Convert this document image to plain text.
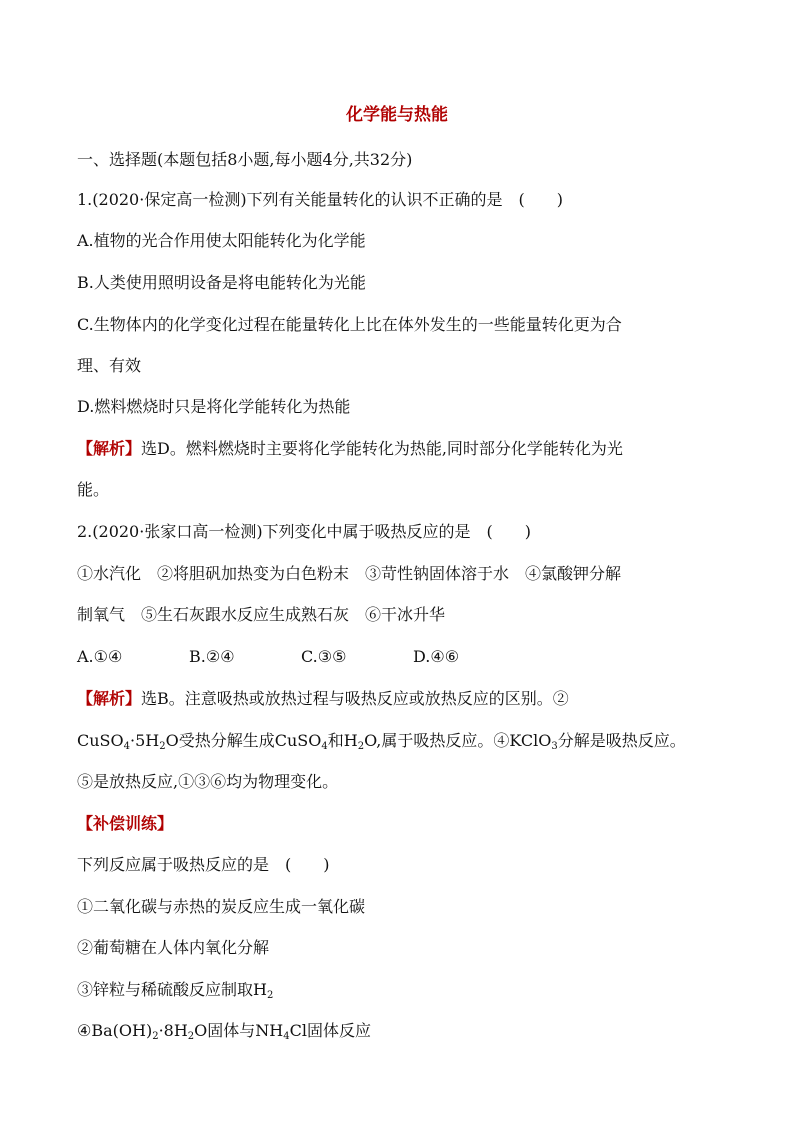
化学能与热能
一、选择题(本题包括8小题,每小题4分,共32分)
1.(2020·保定高一检测)下列有关能量转化的认识不正确的是　(　　)
A.植物的光合作用使太阳能转化为化学能
B.人类使用照明设备是将电能转化为光能
C.生物体内的化学变化过程在能量转化上比在体外发生的一些能量转化更为合
理、有效
D.燃料燃烧时只是将化学能转化为热能
【解析】选D。燃料燃烧时主要将化学能转化为热能,同时部分化学能转化为光
能。
2.(2020·张家口高一检测)下列变化中属于吸热反应的是　(　　)
①水汽化　②将胆矾加热变为白色粉末　③苛性钠固体溶于水　④氯酸钾分解
制氧气　⑤生石灰跟水反应生成熟石灰　⑥干冰升华
A.①④	B.②④	C.③⑤	D.④⑥
【解析】选B。注意吸热或放热过程与吸热反应或放热反应的区别。②
$CuSO_4\cdot 5H_2O$受热分解生成CuSO$_4$和$H_2O$,属于吸热反应。④KClO$_3$分解是吸热反应。
⑤是放热反应,①③⑥均为物理变化。
【补偿训练】
下列反应属于吸热反应的是　(　　)
①二氧化碳与赤热的炭反应生成一氧化碳
②葡萄糖在人体内氧化分解
③锌粒与稀硫酸反应制取$H_2$
$④Ba(OH)_2\cdot 8H_2O$固体与$NH_4Cl$固体反应
